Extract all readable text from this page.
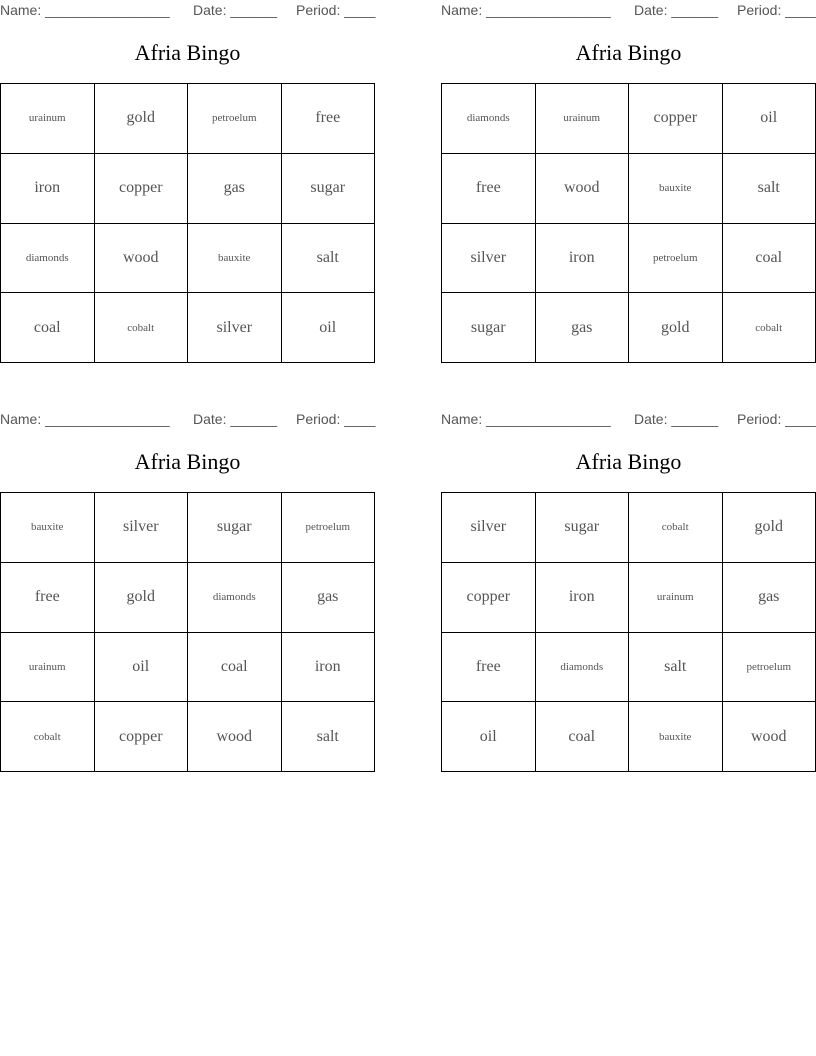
Name: ________________ Date: ______ Period: ____
Afria Bingo
urainum	gold	petroelum	free
iron	copper	gas	sugar
diamonds	wood	bauxite	salt
coal	cobalt	silver	oil
Name: ________________ Date: ______ Period: ____
Afria Bingo
diamonds	urainum	copper	oil
free	wood	bauxite	salt
silver	iron	petroelum	coal
sugar	gas	gold	cobalt
Name: ________________ Date: ______ Period: ____
Afria Bingo
bauxite	silver	sugar	petroelum
free	gold	diamonds	gas
urainum	oil	coal	iron
cobalt	copper	wood	salt
Name: ________________ Date: ______ Period: ____
Afria Bingo
silver	sugar	cobalt	gold
copper	iron	urainum	gas
free	diamonds	salt	petroelum
oil	coal	bauxite	wood
